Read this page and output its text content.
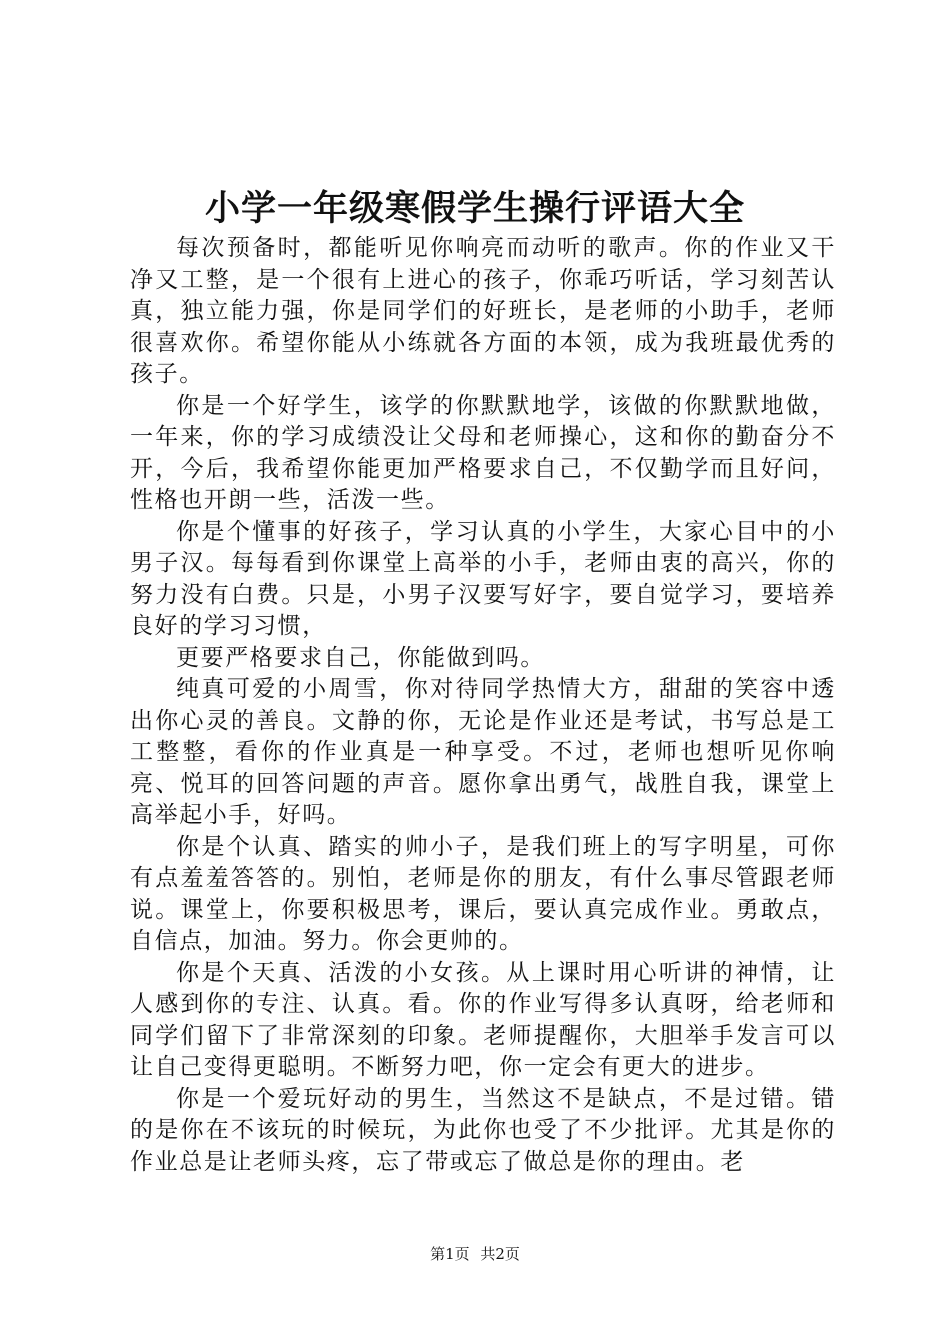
小学一年级寒假学生操行评语大全

每次预备时，都能听见你响亮而动听的歌声。你的作业又干净又工整，是一个很有上进心的孩子，你乖巧听话，学习刻苦认真，独立能力强，你是同学们的好班长，是老师的小助手，老师很喜欢你。希望你能从小练就各方面的本领，成为我班最优秀的孩子。

你是一个好学生，该学的你默默地学，该做的你默默地做，一年来，你的学习成绩没让父母和老师操心，这和你的勤奋分不开，今后，我希望你能更加严格要求自己，不仅勤学而且好问，性格也开朗一些，活泼一些。

你是个懂事的好孩子，学习认真的小学生，大家心目中的小男子汉。每每看到你课堂上高举的小手，老师由衷的高兴，你的努力没有白费。只是，小男子汉要写好字，要自觉学习，要培养良好的学习习惯，

更要严格要求自己，你能做到吗。

纯真可爱的小周雪，你对待同学热情大方，甜甜的笑容中透出你心灵的善良。文静的你，无论是作业还是考试，书写总是工工整整，看你的作业真是一种享受。不过，老师也想听见你响亮、悦耳的回答问题的声音。愿你拿出勇气，战胜自我，课堂上高举起小手，好吗。

你是个认真、踏实的帅小子，是我们班上的写字明星，可你有点羞羞答答的。别怕，老师是你的朋友，有什么事尽管跟老师说。课堂上，你要积极思考，课后，要认真完成作业。勇敢点，自信点，加油。努力。你会更帅的。

你是个天真、活泼的小女孩。从上课时用心听讲的神情，让人感到你的专注、认真。看。你的作业写得多认真呀，给老师和同学们留下了非常深刻的印象。老师提醒你，大胆举手发言可以让自己变得更聪明。不断努力吧，你一定会有更大的进步。

你是一个爱玩好动的男生，当然这不是缺点，不是过错。错的是你在不该玩的时候玩，为此你也受了不少批评。尤其是你的作业总是让老师头疼，忘了带或忘了做总是你的理由。老

第1页 共2页
